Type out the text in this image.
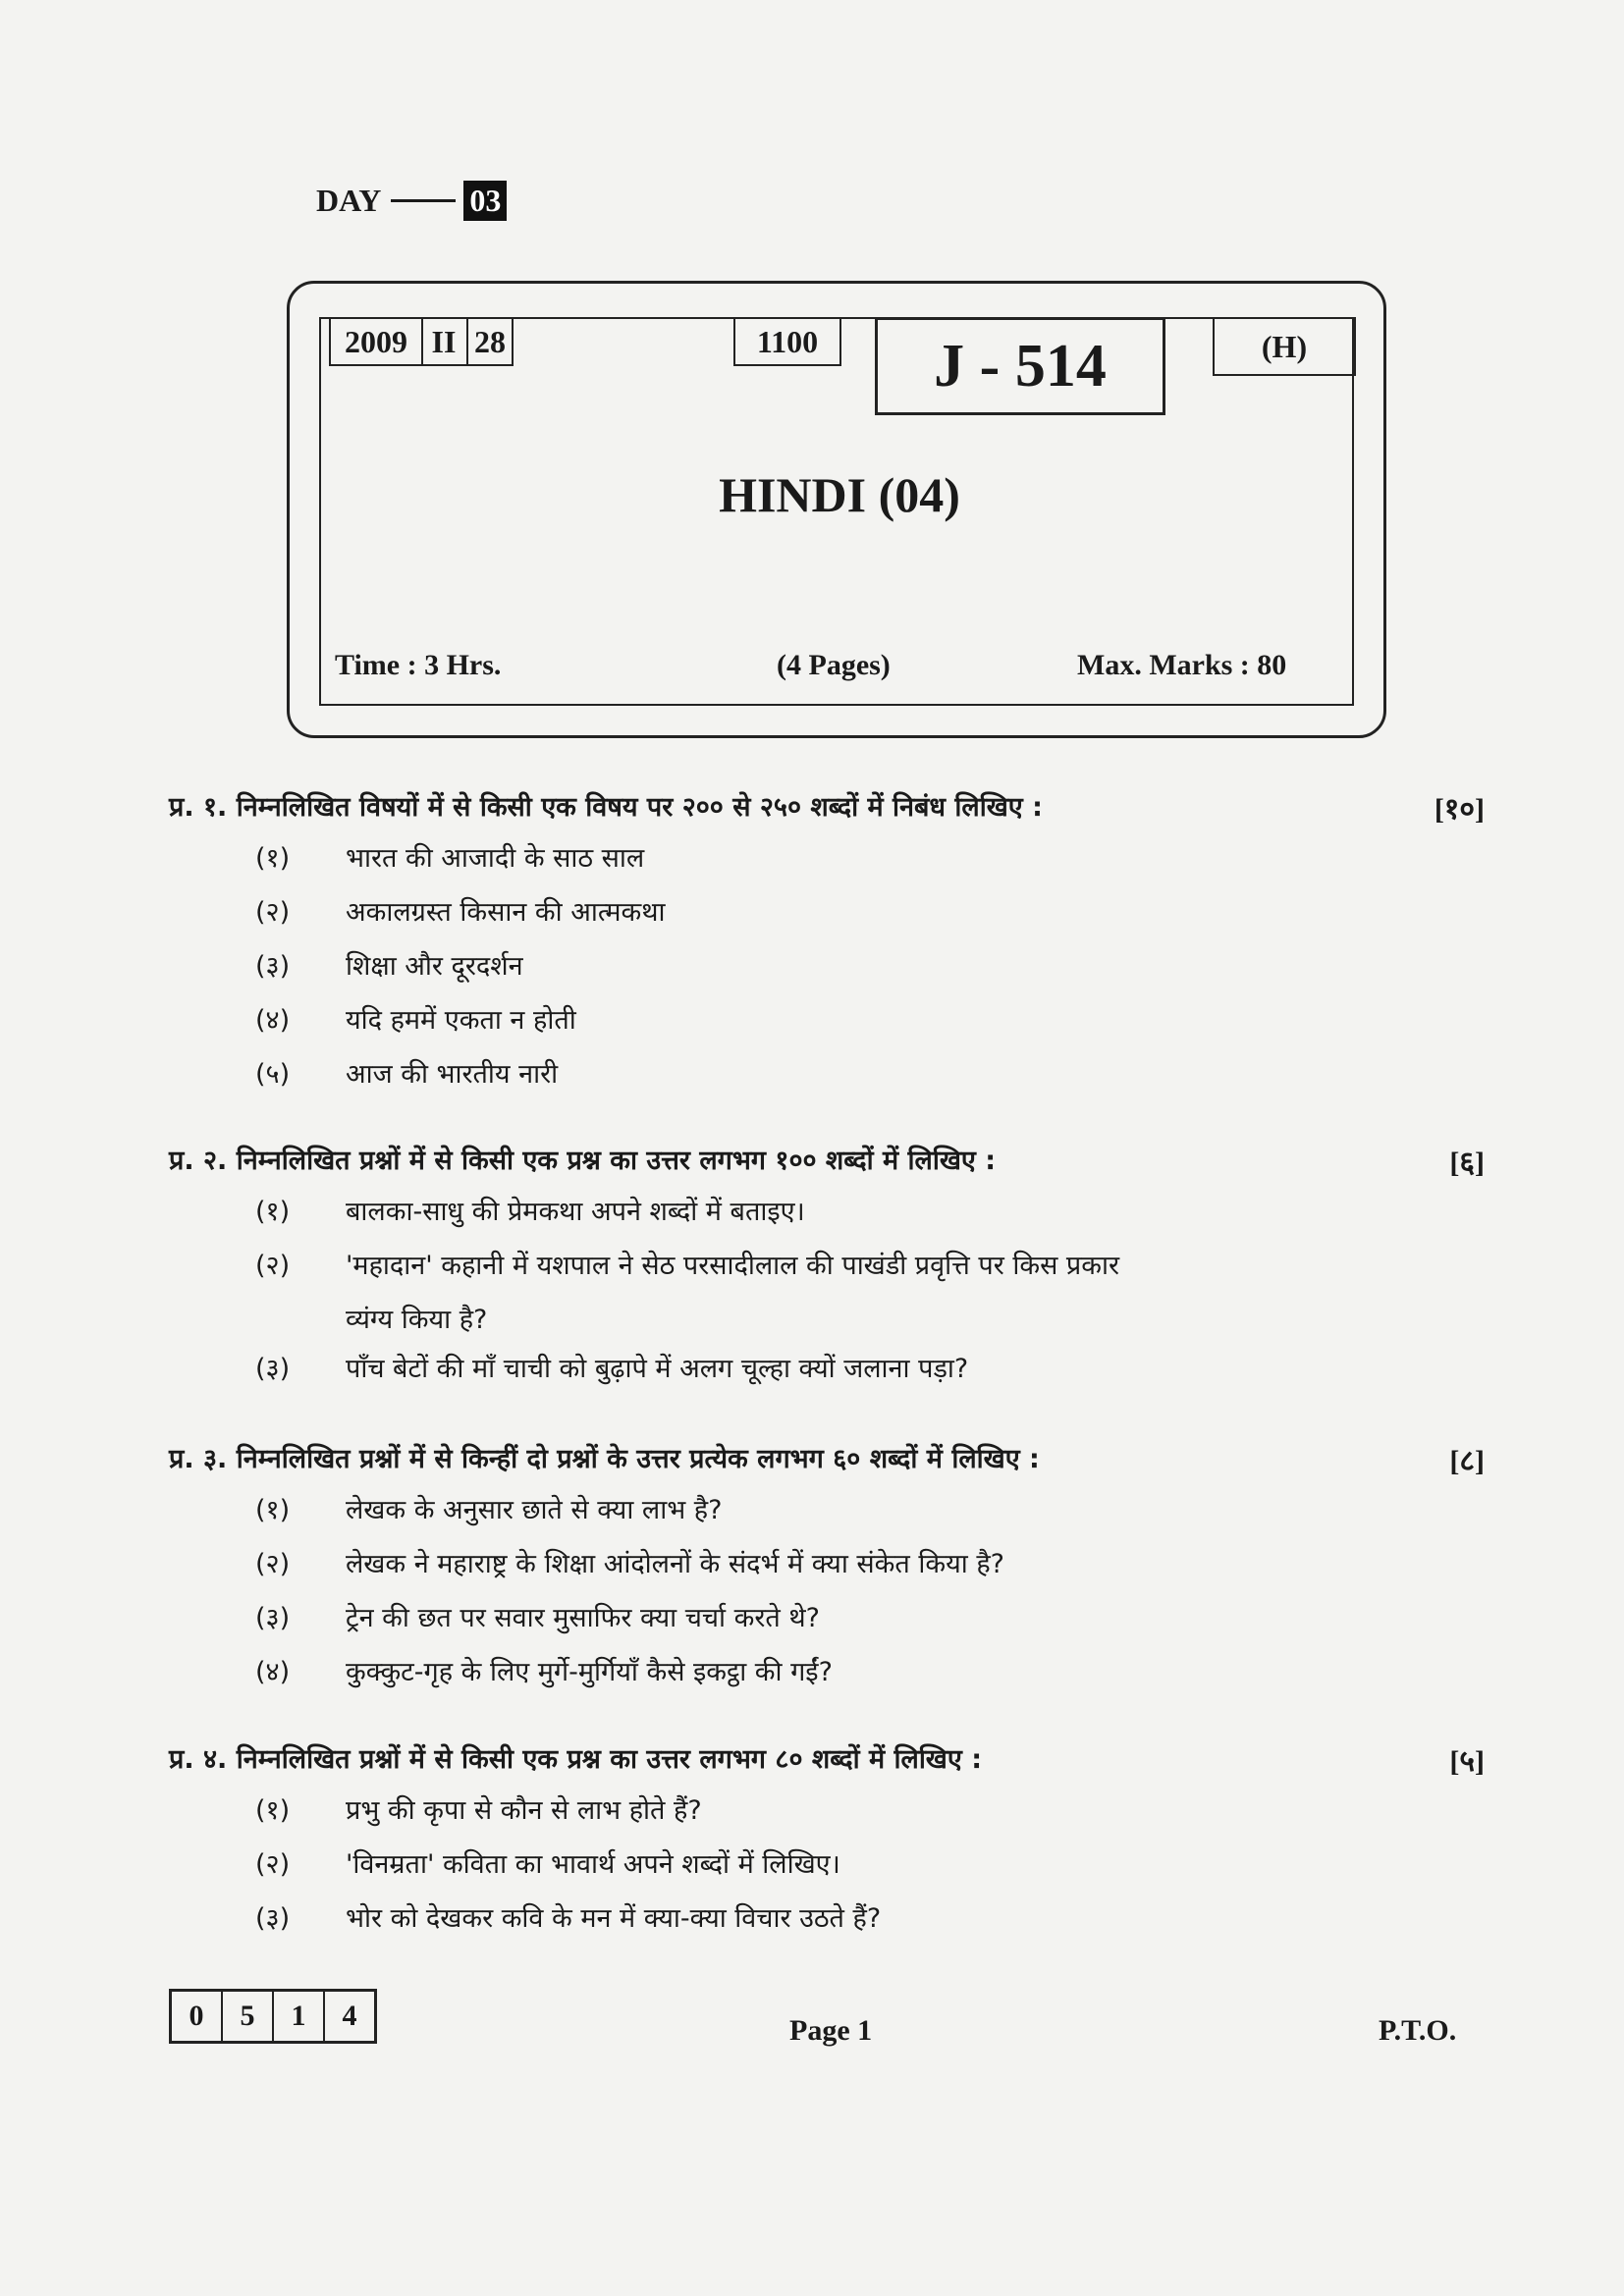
DAY	03
2009 II 28	1100	J - 514	(H)
HINDI (04)
Time : 3 Hrs.	(4 Pages)	Max. Marks : 80
प्र. १. निम्नलिखित विषयों में से किसी एक विषय पर २०० से २५० शब्दों में निबंध लिखिए :	[१०]
(१) भारत की आजादी के साठ साल
(२) अकालग्रस्त किसान की आत्मकथा
(३) शिक्षा और दूरदर्शन
(४) यदि हममें एकता न होती
(५) आज की भारतीय नारी
प्र. २. निम्नलिखित प्रश्नों में से किसी एक प्रश्न का उत्तर लगभग १०० शब्दों में लिखिए :	[६]
(१) बालका-साधु की प्रेमकथा अपने शब्दों में बताइए।
(२) 'महादान' कहानी में यशपाल ने सेठ परसादीलाल की पाखंडी प्रवृत्ति पर किस प्रकार
व्यंग्य किया है?
(३) पाँच बेटों की माँ चाची को बुढ़ापे में अलग चूल्हा क्यों जलाना पड़ा?
प्र. ३. निम्नलिखित प्रश्नों में से किन्हीं दो प्रश्नों के उत्तर प्रत्येक लगभग ६० शब्दों में लिखिए :	[८]
(१) लेखक के अनुसार छाते से क्या लाभ है?
(२) लेखक ने महाराष्ट्र के शिक्षा आंदोलनों के संदर्भ में क्या संकेत किया है?
(३) ट्रेन की छत पर सवार मुसाफिर क्या चर्चा करते थे?
(४) कुक्कुट-गृह के लिए मुर्गे-मुर्गियाँ कैसे इकट्ठा की गईं?
प्र. ४. निम्नलिखित प्रश्नों में से किसी एक प्रश्न का उत्तर लगभग ८० शब्दों में लिखिए :	[५]
(१) प्रभु की कृपा से कौन से लाभ होते हैं?
(२) 'विनम्रता' कविता का भावार्थ अपने शब्दों में लिखिए।
(३) भोर को देखकर कवि के मन में क्या-क्या विचार उठते हैं?
0	5	1	4	Page 1	P.T.O.
